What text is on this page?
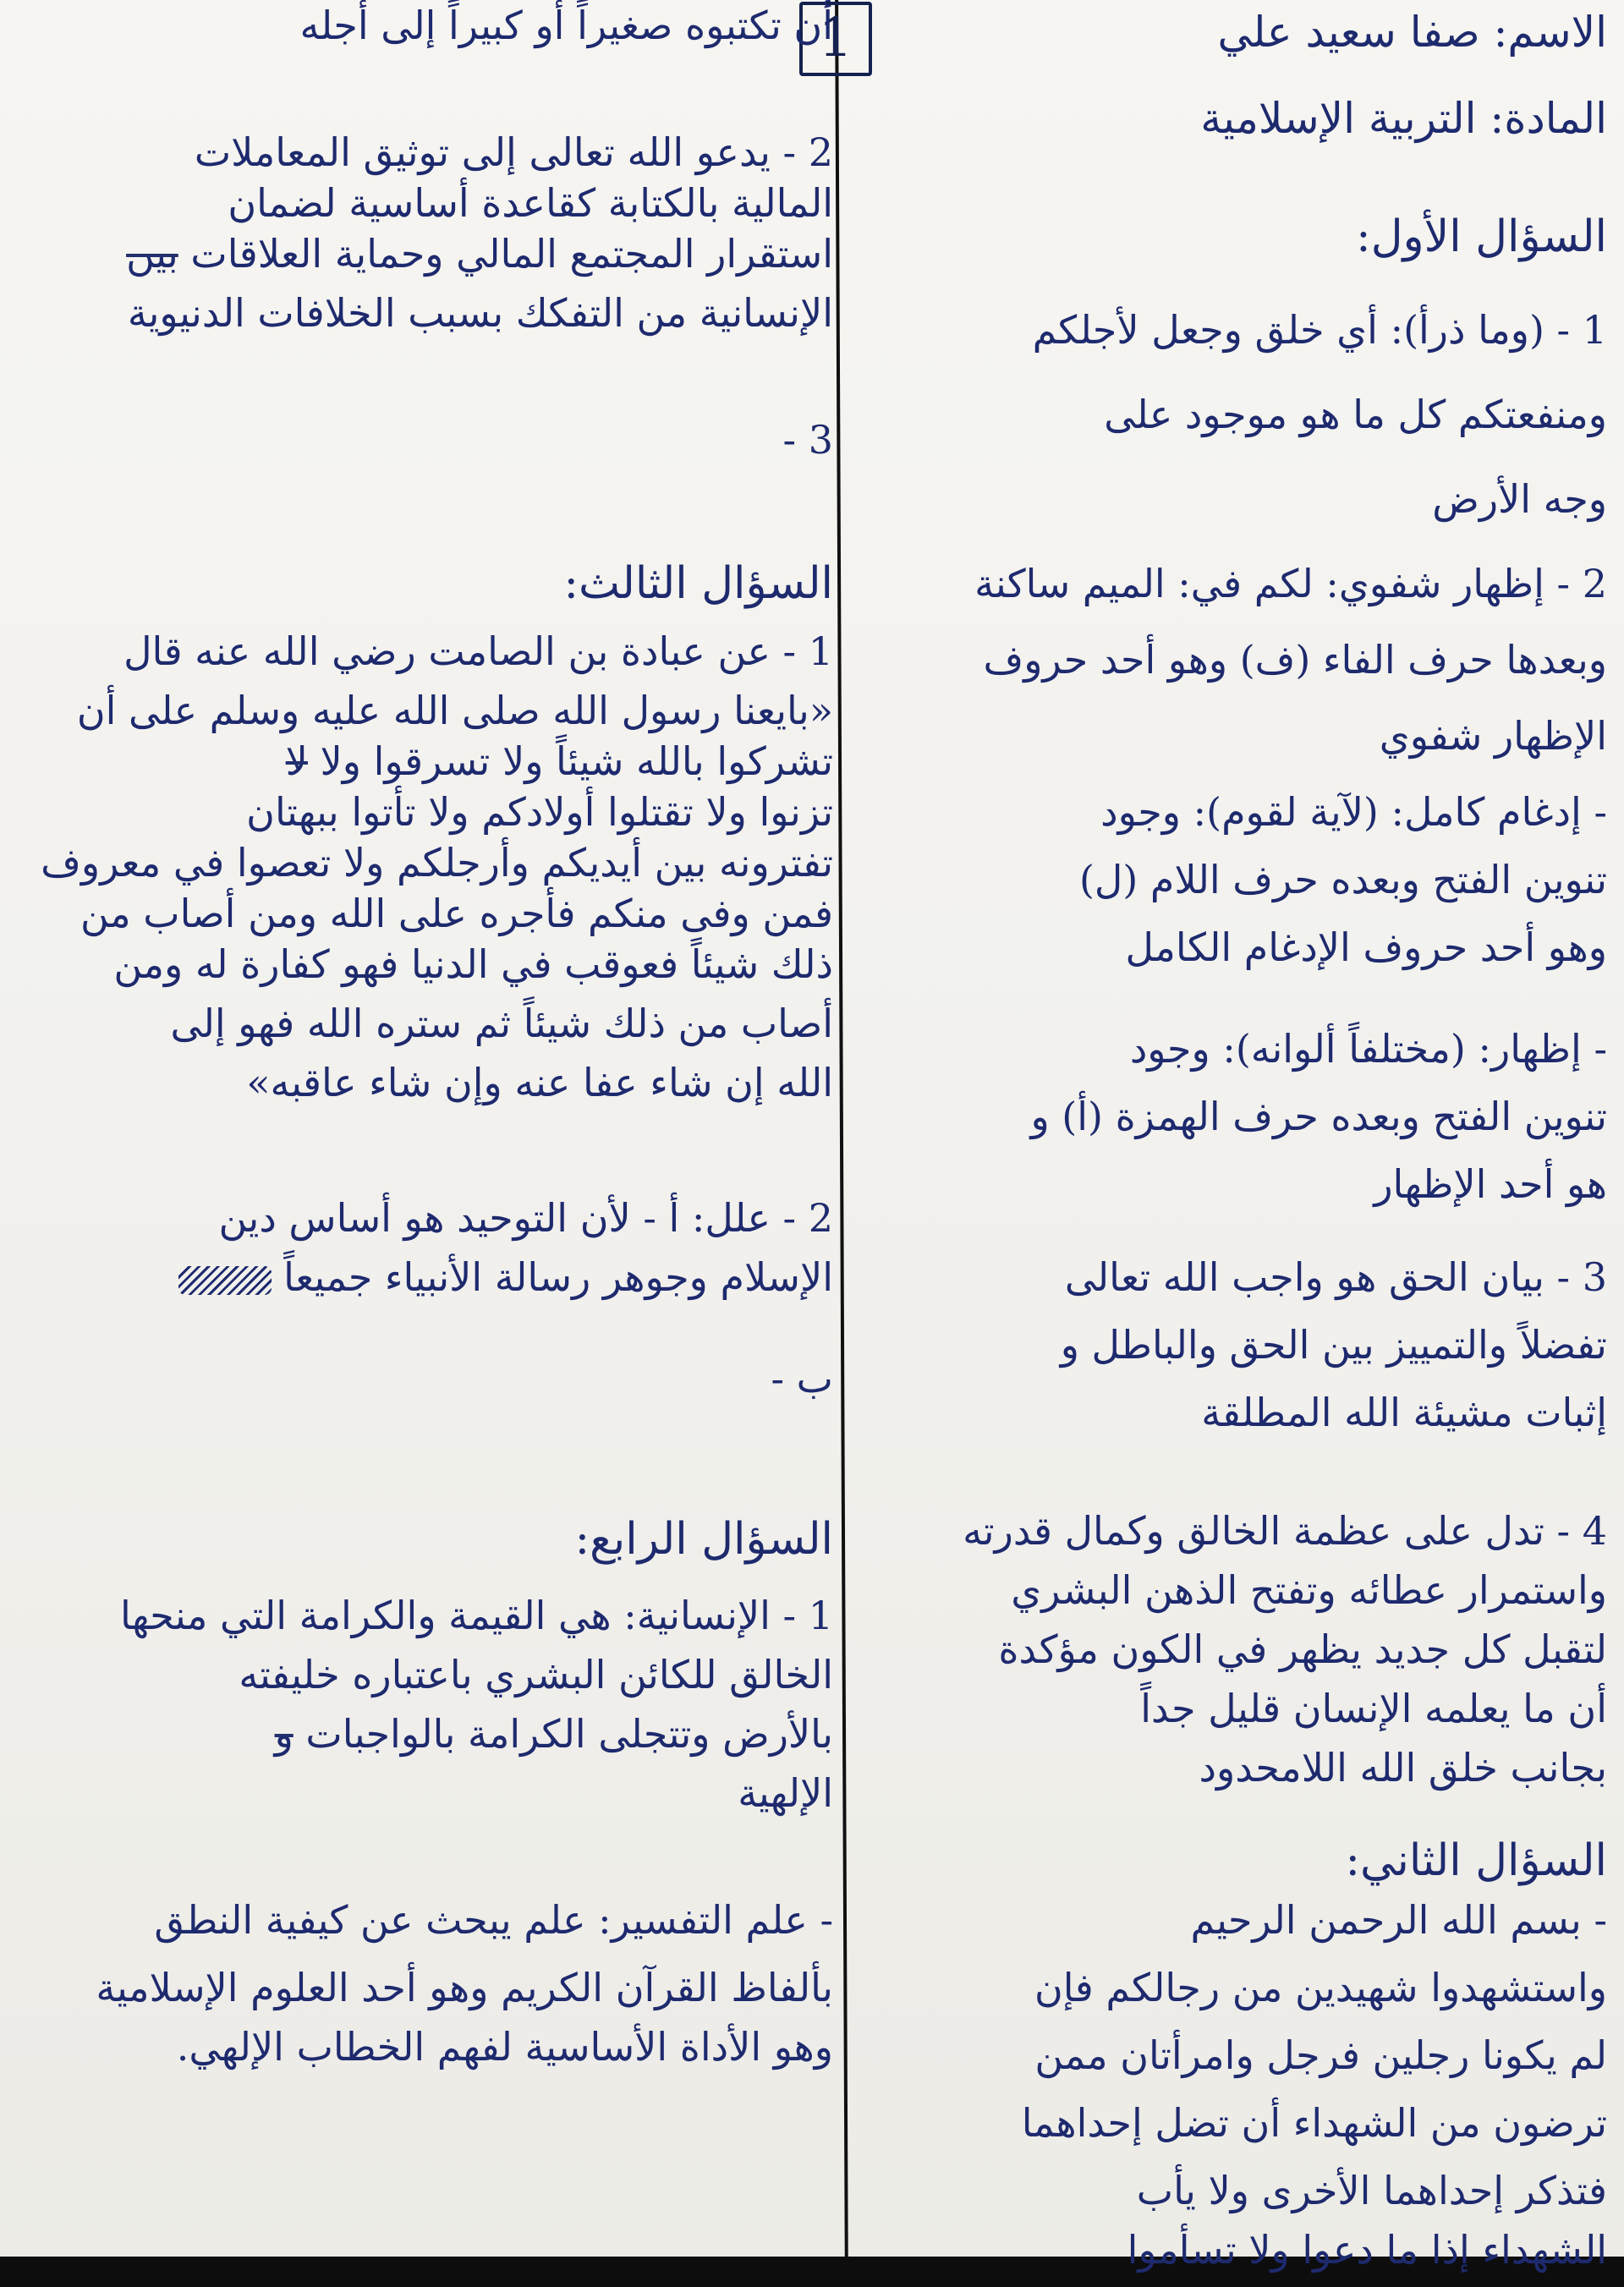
1	الاسم: صفا سعيد علي
المادة: التربية الإسلامية
السؤال الأول:
1 - (وما ذرأ): أي خلق وجعل لأجلكم
ومنفعتكم كل ما هو موجود على
وجه الأرض
2 - إظهار شفوي: لكم في: الميم ساكنة
وبعدها حرف الفاء (ف) وهو أحد حروف
الإظهار شفوي
- إدغام كامل: (لآية لقوم): وجود
تنوين الفتح وبعده حرف اللام (ل)
وهو أحد حروف الإدغام الكامل
- إظهار: (مختلفاً ألوانه): وجود
تنوين الفتح وبعده حرف الهمزة (أ) و
هو أحد الإظهار
3 - بيان الحق هو واجب الله تعالى
تفضلاً والتمييز بين الحق والباطل و
إثبات مشيئة الله المطلقة
4 - تدل على عظمة الخالق وكمال قدرته
واستمرار عطائه وتفتح الذهن البشري
لتقبل كل جديد يظهر في الكون مؤكدة
أن ما يعلمه الإنسان قليل جداً
بجانب خلق الله اللامحدود
السؤال الثاني:
- بسم الله الرحمن الرحيم
واستشهدوا شهيدين من رجالكم فإن
لم يكونا رجلين فرجل وامرأتان ممن
ترضون من الشهداء أن تضل إحداهما
فتذكر إحداهما الأخرى ولا يأب
الشهداء إذا ما دعوا ولا تسأموا
أن تكتبوه صغيراً أو كبيراً إلى أجله
2 - يدعو الله تعالى إلى توثيق المعاملات
المالية بالكتابة كقاعدة أساسية لضمان
استقرار المجتمع المالي وحماية العلاقات بين
الإنسانية من التفكك بسبب الخلافات الدنيوية
3 -
السؤال الثالث:
1 - عن عبادة بن الصامت رضي الله عنه قال
«بايعنا رسول الله صلى الله عليه وسلم على أن
تشركوا بالله شيئاً ولا تسرقوا ولا لا
تزنوا ولا تقتلوا أولادكم ولا تأتوا ببهتان
تفترونه بين أيديكم وأرجلكم ولا تعصوا في معروف
فمن وفى منكم فأجره على الله ومن أصاب من
ذلك شيئاً فعوقب في الدنيا فهو كفارة له ومن
أصاب من ذلك شيئاً ثم ستره الله فهو إلى
الله إن شاء عفا عنه وإن شاء عاقبه»
2 - علل: أ - لأن التوحيد هو أساس دين
الإسلام وجوهر رسالة الأنبياء جميعاً
ب -
السؤال الرابع:
1 - الإنسانية: هي القيمة والكرامة التي منحها
الخالق للكائن البشري باعتباره خليفته
بالأرض وتتجلى الكرامة بالواجبات و
الإلهية
- علم التفسير: علم يبحث عن كيفية النطق
بألفاظ القرآن الكريم وهو أحد العلوم الإسلامية
وهو الأداة الأساسية لفهم الخطاب الإلهي.
